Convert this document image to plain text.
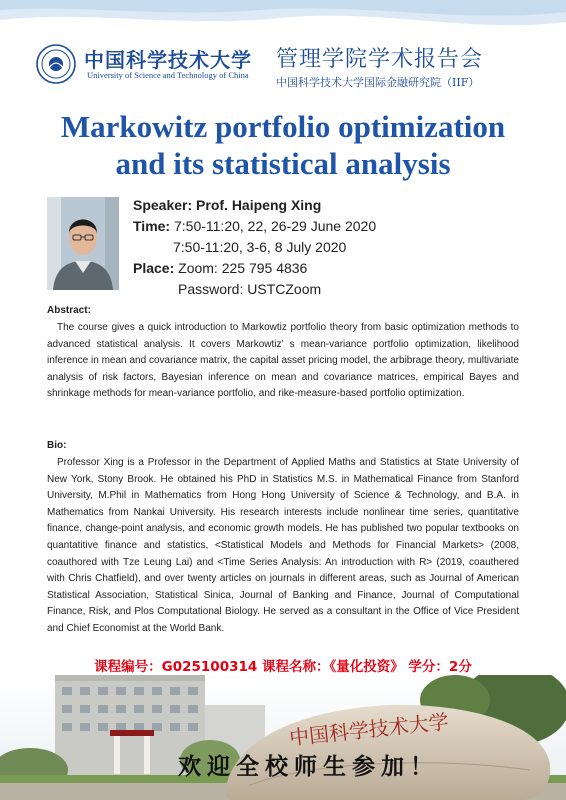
中国科学技术大学
University of Science and Technology of China
管理学院学术报告会
中国科学技术大学国际金融研究院（IIF）
Markowitz portfolio optimization
and its statistical analysis
Speaker: Prof. Haipeng Xing
Time: 7:50-11:20, 22, 26-29 June 2020
7:50-11:20, 3-6, 8 July 2020
Place: Zoom: 225 795 4836
Password: USTCZoom
Abstract:
The course gives a quick introduction to Markowtiz portfolio theory from basic optimization methods to advanced statistical analysis. It covers Markowtiz’ s mean-variance portfolio optimization, likelihood inference in mean and covariance matrix, the capital asset pricing model, the arbibrage theory, multivariate analysis of risk factors, Bayesian inference on mean and covariance matrices, empirical Bayes and shrinkage methods for mean-variance portfolio, and rike-measure-based portfolio optimization.
Bio:
Professor Xing is a Professor in the Department of Applied Maths and Statistics at State University of New York, Stony Brook. He obtained his PhD in Statistics M.S. in Mathematical Finance from Stanford University, M.Phil in Mathematics from Hong Hong University of Science & Technology, and B.A. in Mathematics from Nankai University. His research interests include nonlinear time series, quantitative finance, change-point analysis, and economic growth models. He has published two popular textbooks on quantatitive finance and statistics, <Statistical Models and Methods for Financial Markets> (2008, coauthored with Tze Leung Lai) and <Time Series Analysis: An introduction with R> (2019, coauthered with Chris Chatfield), and over twenty articles on journals in different areas, such as Journal of American Statistical Association, Statistical Sinica, Journal of Banking and Finance, Journal of Computational Finance, Risk, and Plos Computational Biology. He served as a consultant in the Office of Vice President and Chief Economist at the World Bank.
课程编号：G025100314 课程名称：《量化投资》 学分：2分
中国科学技术大学
欢迎全校师生参加！
